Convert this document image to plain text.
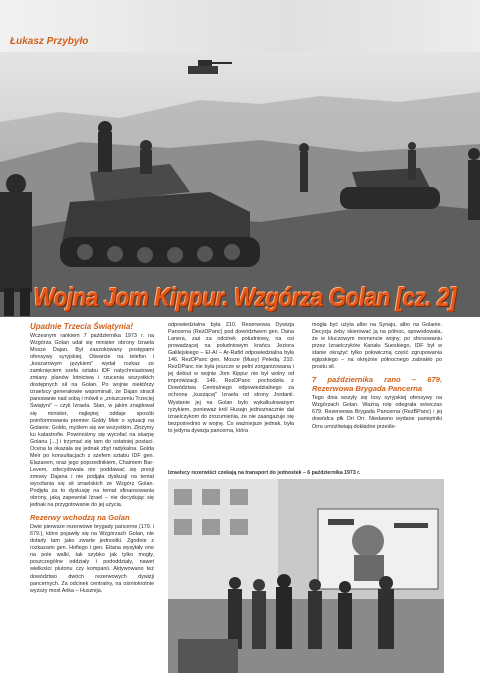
Łukasz Przybyło
Wojna Jom Kippur. Wzgórza Golan [cz. 2]
Upadnie Trzecia Świątynia!

Wczesnym rankiem 7 października 1973 r. na Wzgórza Golan udał się minister obrony Izraela Mosze Dajan. Był zaszokowany postępami ofensywy syryjskiej. Otwarcie na telefon i „koszarowym językiem” wydał rozkaz ze zamknięciem szefa sztabu IDF natychmiastowej zmiany planów lotnictwa i rzucenia wszystkich dostępnych sił na Golan. Po wojnie niektórzy izraelscy generałowie wspominali, że Dajan stracił panowanie nad sobą i mówił o „zniszczeniu Trzeciej Świątyni” – czyli Izraela. Stan, w jakim znajdował się minister, najlepiej oddaje sposób poinformowania premier Goldy Meir o sytuacji na Golanie: Goldo, myślem się we wszystkim. Złożymy ku katastrofie. Powinniśmy się wycofać na skarpę Golanu […] i trzymać się tam do ostatniej postaci. Ocena ta okazała się jednak zbyt radykalna. Golda Meir po konsultacjach z szefem sztabu IDF gen. Elazarem, oraz jego poprzednikiem, Chaimem Bar-Levem, zdecydowała nie poddawać się presji zmowy Dajana i nie podjąła dyskusji na temat wycofania się sił izraelskich ze Wzgórz Golan. Podjęła za to dyskusję na temat sfinansowania obrony, jaką zapewniał Izrael – nie decydując się jednak na przygotowanie do jej użycia.

Rezerwy wchodzą na Golan

Dwie pierwsze rezerwowe brygady pancerne (179. i 679.), które pojawiły się na Wzgórzach Golan, nie dotarły tam jako zwarte jednostki. Zgodnie z rozkazami gen. Hofiego i gen. Eitana wysyłały one na pole walki, tak szybko jak tylko mogły, poszczególne oddziały i pododdziały, nawet wielkości plutonu czy kompanii. Aktywowano też dowództwo dwóch rezerwowych dywizji pancernych. Za odcinek centralny, na ośmiokrotnie wyższy most Arika – Husznija.

odpowiedzialna była 210. Rezerwowa Dywizja Pancerna (RezDPanc) pod dowództwem gen. Dana Lanera, zaś za odcinek południowy, na osi prowadzącej na południowym krańcu Jeziora Galilejskiego – El-Al – Ar-Rafid odpowiedzialna była 146. RezDPanc gen. Mosze (Musy) Peledą. 210. RezDPanc nie była jeszcze w pełni zorganizowana i jej debiut w wojnie Jom Kippur nie był wolny od improwizacji. 146. RezDPanc pochodziła z Dowództwa Centralnego odpowiedzialnego za ochronę „kuszącej” Izraela od strony Jordanii. Wysłanie jej na Golan było wykalkulowanym ryzykiem, ponieważ król Husajn jednoznacznie dał izraelczykom do zrozumienia, że nie zaangażuje się bezpośrednio w wojnę. Co ważniejsze jednak, była to jedyna dywizja pancerna, która

mogła być użyta albo na Synaju, albo na Golanie. Decyzja żeby skierować ją na północ, spowodowała, że w kluczowym momencie wojny, po sforsowaniu przez Izraelczyków Kanału Sueskiego, IDF był w stanie okrążyć tylko połowiczną część zgrupowania egipskiego – na okrężnie północnego zabrakło po prostu sił.

7 października rano – 679. Rezerwowa Brygada Pancerna

Tego dnia wszyły się losy syryjskiej ofensywy na Wzgórzach Golan. Ważną rolę odegrała wówczas 679. Rezerwowa Brygada Pancerna (RezBPanc) i jej dowódca płk Ori Orr. Niedawno wydane pamiętniki Orra umożliwiają dokładne prześle-

Izraelscy rezerwiści czekają na transport do jednostek – 6 października 1973 r.
